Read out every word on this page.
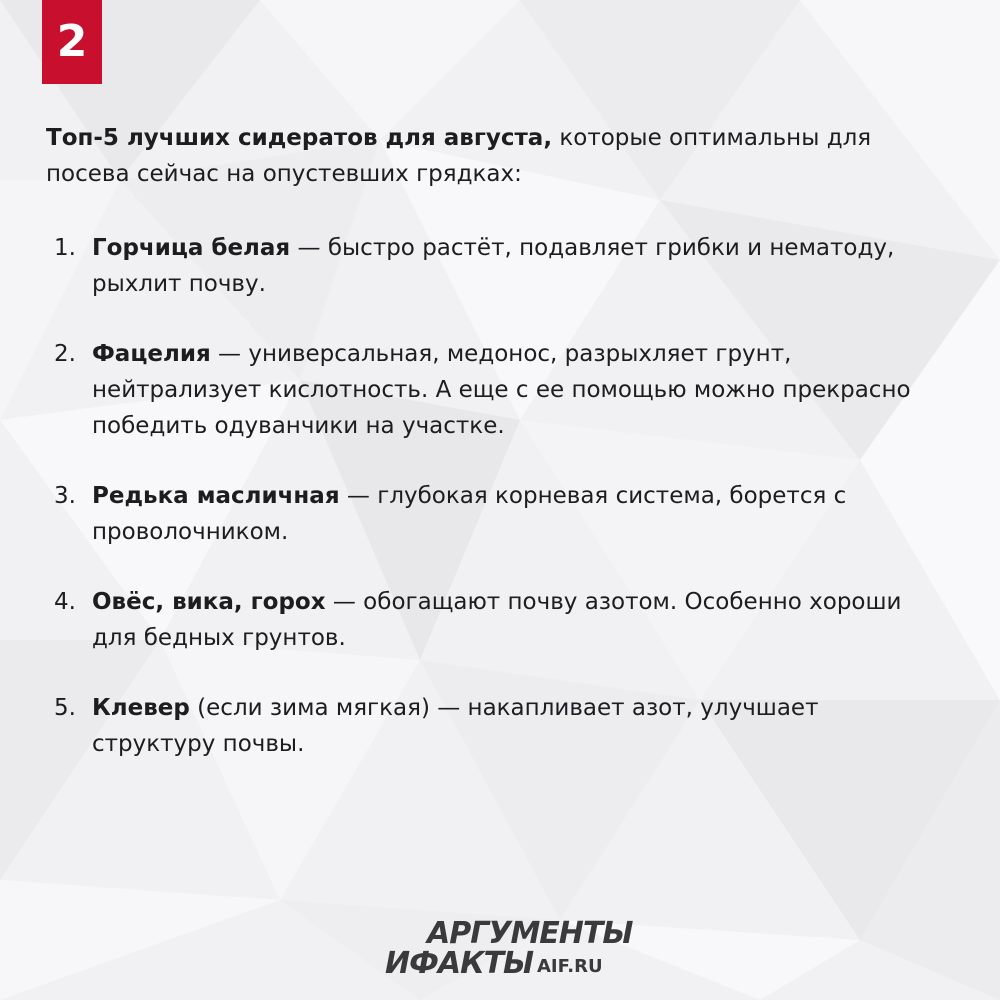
2
Топ-5 лучших сидератов для августа, которые оптимальны для посева сейчас на опустевших грядках:
1. Горчица белая — быстро растёт, подавляет грибки и нематоду, рыхлит почву.
2. Фацелия — универсальная, медонос, разрыхляет грунт, нейтрализует кислотность. А еще с ее помощью можно прекрасно победить одуванчики на участке.
3. Редька масличная — глубокая корневая система, борется с проволочником.
4. Овёс, вика, горох — обогащают почву азотом. Особенно хороши для бедных грунтов.
5. Клевер (если зима мягкая) — накапливает азот, улучшает структуру почвы.
АРГУМЕНТЫ
ИФАКТЫ AIF.RU
